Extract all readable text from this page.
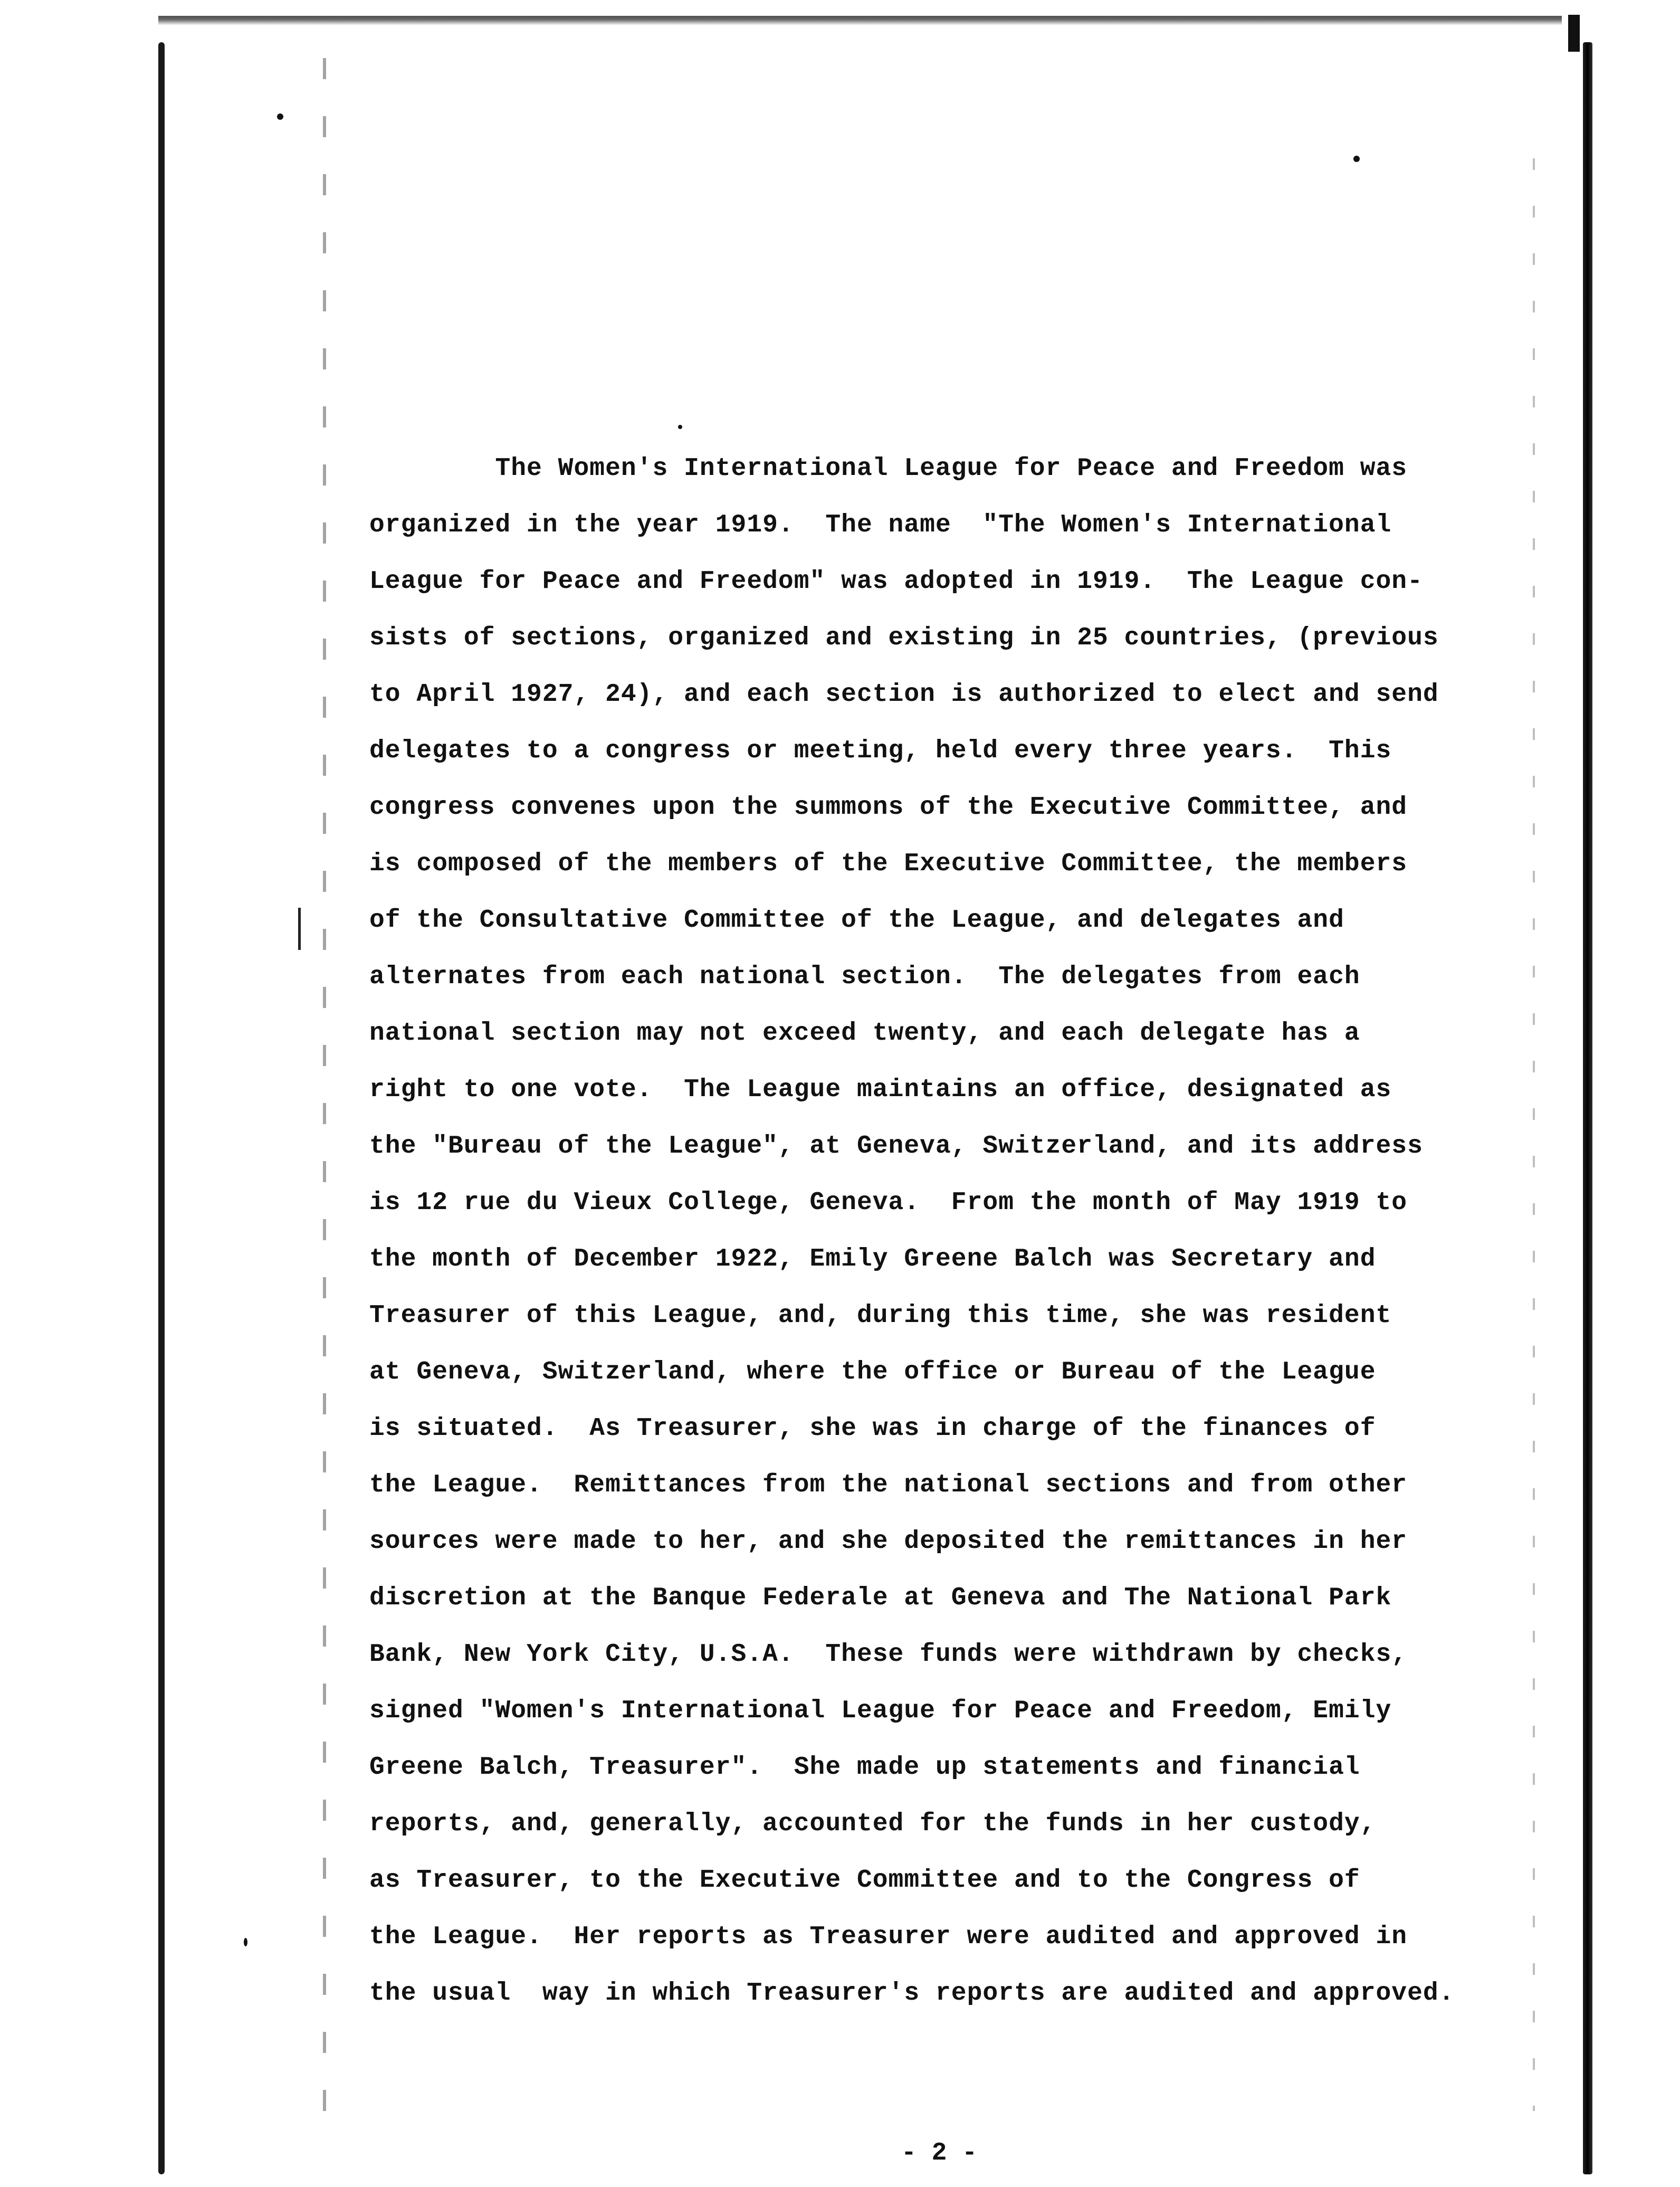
The Women's International League for Peace and Freedom was
organized in the year 1919.  The name  "The Women's International
League for Peace and Freedom" was adopted in 1919.  The League con-
sists of sections, organized and existing in 25 countries, (previous
to April 1927, 24), and each section is authorized to elect and send
delegates to a congress or meeting, held every three years.  This
congress convenes upon the summons of the Executive Committee, and
is composed of the members of the Executive Committee, the members
of the Consultative Committee of the League, and delegates and
alternates from each national section.  The delegates from each
national section may not exceed twenty, and each delegate has a
right to one vote.  The League maintains an office, designated as
the "Bureau of the League", at Geneva, Switzerland, and its address
is 12 rue du Vieux College, Geneva.  From the month of May 1919 to
the month of December 1922, Emily Greene Balch was Secretary and
Treasurer of this League, and, during this time, she was resident
at Geneva, Switzerland, where the office or Bureau of the League
is situated.  As Treasurer, she was in charge of the finances of
the League.  Remittances from the national sections and from other
sources were made to her, and she deposited the remittances in her
discretion at the Banque Federale at Geneva and The National Park
Bank, New York City, U.S.A.  These funds were withdrawn by checks,
signed "Women's International League for Peace and Freedom, Emily
Greene Balch, Treasurer".  She made up statements and financial
reports, and, generally, accounted for the funds in her custody,
as Treasurer, to the Executive Committee and to the Congress of
the League.  Her reports as Treasurer were audited and approved in
the usual  way in which Treasurer's reports are audited and approved.
- 2 -
